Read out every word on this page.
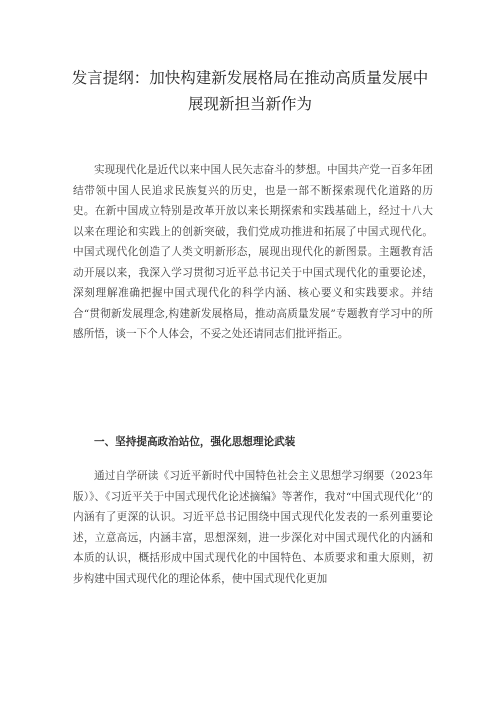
发言提纲：加快构建新发展格局在推动高质量发展中
展现新担当新作为

实现现代化是近代以来中国人民矢志奋斗的梦想。中国共产党一百多年团结带领中国人民追求民族复兴的历史，也是一部不断探索现代化道路的历史。在新中国成立特别是改革开放以来长期探索和实践基础上，经过十八大以来在理论和实践上的创新突破，我们党成功推进和拓展了中国式现代化。中国式现代化创造了人类文明新形态，展现出现代化的新图景。主题教育活动开展以来，我深入学习贯彻习近平总书记关于中国式现代化的重要论述，深刻理解准确把握中国式现代化的科学内涵、核心要义和实践要求。并结合“贯彻新发展理念,构建新发展格局，推动高质量发展”专题教育学习中的所感所悟，谈一下个人体会，不妥之处还请同志们批评指正。

一、坚持提高政治站位，强化思想理论武装

通过自学研读《习近平新时代中国特色社会主义思想学习纲要（2023年版）》、《习近平关于中国式现代化论述摘编》等著作，我对“中国式现代化’’的内涵有了更深的认识。习近平总书记围绕中国式现代化发表的一系列重要论述，立意高远，内涵丰富，思想深刻，进一步深化对中国式现代化的内涵和本质的认识，概括形成中国式现代化的中国特色、本质要求和重大原则，初步构建中国式现代化的理论体系，使中国式现代化更加
